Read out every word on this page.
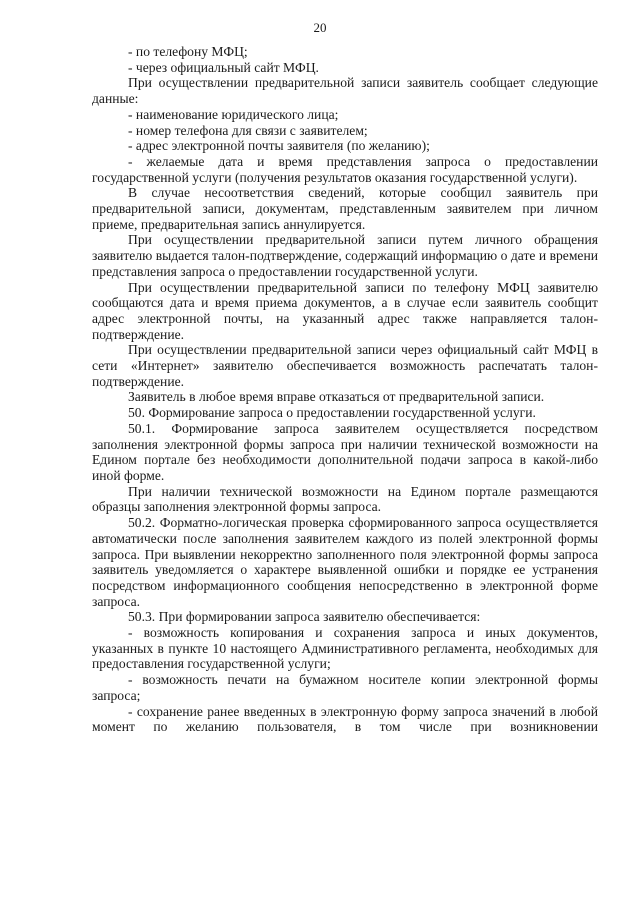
20

- по телефону МФЦ;

- через официальный сайт МФЦ.

При осуществлении предварительной записи заявитель сообщает следующие данные:

- наименование юридического лица;

- номер телефона для связи с заявителем;

- адрес электронной почты заявителя (по желанию);

- желаемые дата и время представления запроса о предоставлении государственной услуги (получения результатов оказания государственной услуги).

В случае несоответствия сведений, которые сообщил заявитель при предварительной записи, документам, представленным заявителем при личном приеме, предварительная запись аннулируется.

При осуществлении предварительной записи путем личного обращения заявителю выдается талон-подтверждение, содержащий информацию о дате и времени представления запроса о предоставлении государственной услуги.

При осуществлении предварительной записи по телефону МФЦ заявителю сообщаются дата и время приема документов, а в случае если заявитель сообщит адрес электронной почты, на указанный адрес также направляется талон-подтверждение.

При осуществлении предварительной записи через официальный сайт МФЦ в сети «Интернет» заявителю обеспечивается возможность распечатать талон-подтверждение.

Заявитель в любое время вправе отказаться от предварительной записи.

50. Формирование запроса о предоставлении государственной услуги.

50.1. Формирование запроса заявителем осуществляется посредством заполнения электронной формы запроса при наличии технической возможности на Едином портале без необходимости дополнительной подачи запроса в какой-либо иной форме.

При наличии технической возможности на Едином портале размещаются образцы заполнения электронной формы запроса.

50.2. Форматно-логическая проверка сформированного запроса осуществляется автоматически после заполнения заявителем каждого из полей электронной формы запроса. При выявлении некорректно заполненного поля электронной формы запроса заявитель уведомляется о характере выявленной ошибки и порядке ее устранения посредством информационного сообщения непосредственно в электронной форме запроса.

50.3. При формировании запроса заявителю обеспечивается:

- возможность копирования и сохранения запроса и иных документов, указанных в пункте 10 настоящего Административного регламента, необходимых для предоставления государственной услуги;

- возможность печати на бумажном носителе копии электронной формы запроса;

- сохранение ранее введенных в электронную форму запроса значений в любой момент по желанию пользователя, в том числе при возникновении
